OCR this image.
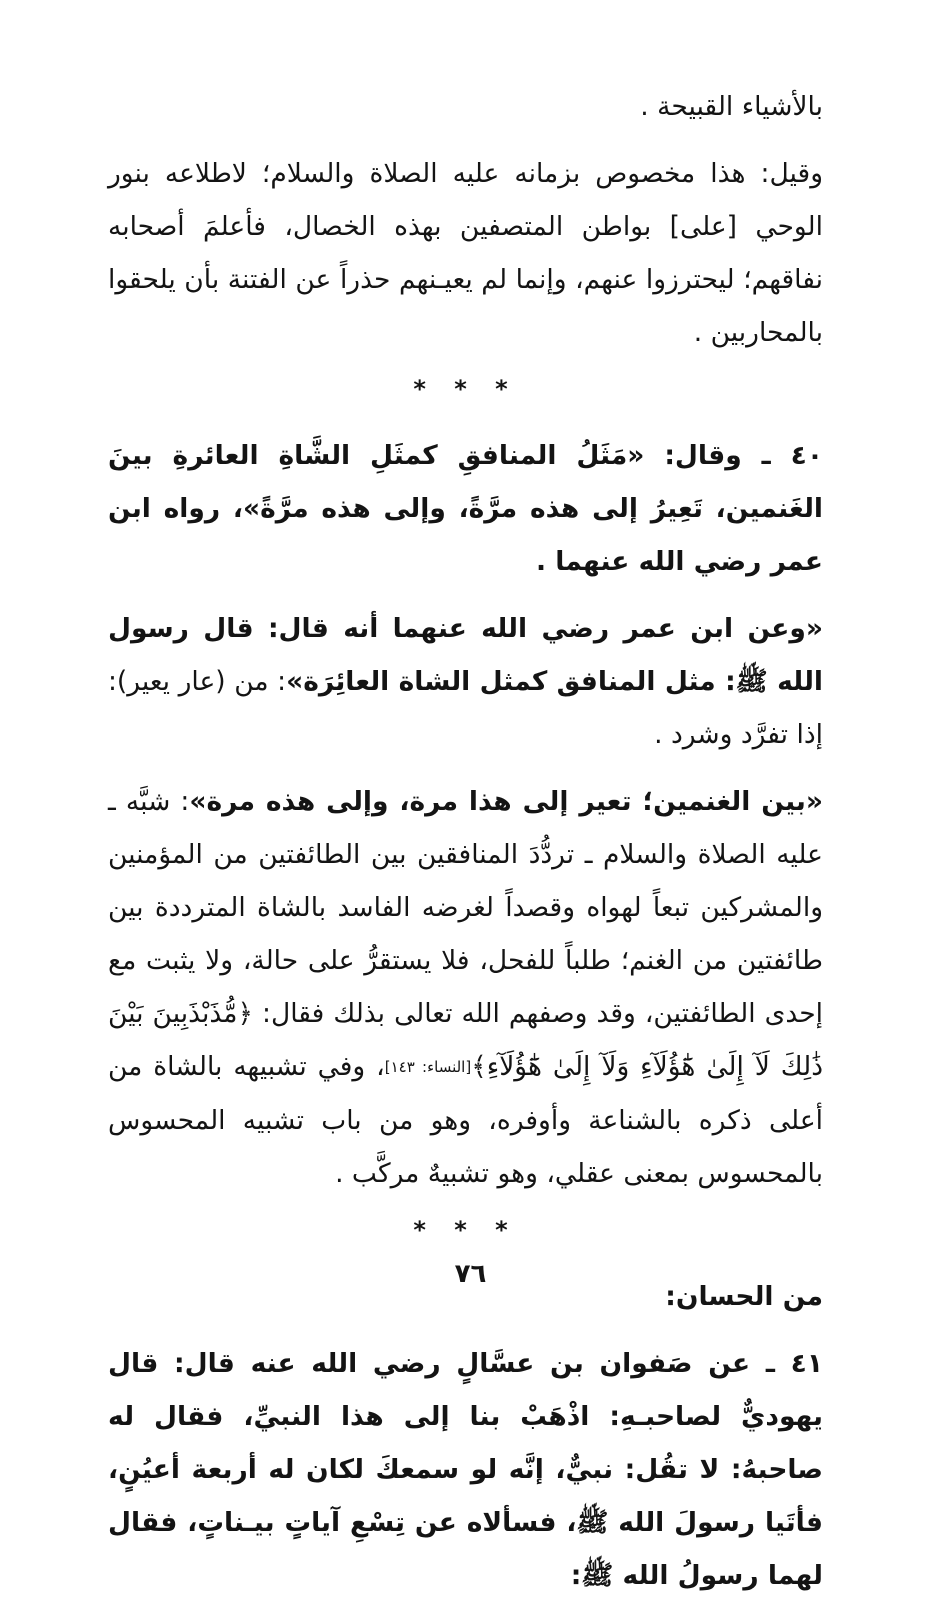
بالأشياء القبيحة .

وقيل: هذا مخصوص بزمانه عليه الصلاة والسلام؛ لاطلاعه بنور الوحي [على] بواطن المتصفين بهذه الخصال، فأعلمَ أصحابه نفاقهم؛ ليحترزوا عنهم، وإنما لم يعيـنهم حذراً عن الفتنة بأن يلحقوا بالمحاربين .

* * *

٤٠ ـ وقال: «مَثَلُ المنافقِ كمثَلِ الشَّاةِ العائرةِ بينَ الغَنمين، تَعِيرُ إلى هذه مرَّةً، وإلى هذه مرَّةً»، رواه ابن عمر رضي الله عنهما .

«وعن ابن عمر رضي الله عنهما أنه قال: قال رسول الله ﷺ: مثل المنافق كمثل الشاة العائِرَة»: من (عار يعير): إذا تفرَّد وشرد .

«بين الغنمين؛ تعير إلى هذا مرة، وإلى هذه مرة»: شبَّه ـ عليه الصلاة والسلام ـ تردُّدَ المنافقين بين الطائفتين من المؤمنين والمشركين تبعاً لهواه وقصداً لغرضه الفاسد بالشاة المترددة بين طائفتين من الغنم؛ طلباً للفحل، فلا يستقرُّ على حالة، ولا يثبت مع إحدى الطائفتين، وقد وصفهم الله تعالى بذلك فقال: ﴿مُّذَبْذَبِينَ بَيْنَ ذَٰلِكَ لَآ إِلَىٰ هَٰٓؤُلَآءِ وَلَآ إِلَىٰ هَٰٓؤُلَآءِ﴾[النساء: ١٤٣]، وفي تشبيهه بالشاة من أعلى ذكره بالشناعة وأوفره، وهو من باب تشبيه المحسوس بالمحسوس بمعنى عقلي، وهو تشبيهٌ مركَّب .

* * *

من الحسان:

٤١ ـ عن صَفوان بن عسَّالٍ رضي الله عنه قال: قال يهوديٌّ لصاحبـهِ: اذْهَبْ بنا إلى هذا النبيِّ، فقال له صاحبهُ: لا تقُل: نبيٌّ، إنَّه لو سمعكَ لكان له أربعة أعيُنٍ، فأتَيا رسولَ الله ﷺ، فسألاه عن تِسْعِ آياتٍ بيـناتٍ، فقال لهما رسولُ الله ﷺ:

٧٦
